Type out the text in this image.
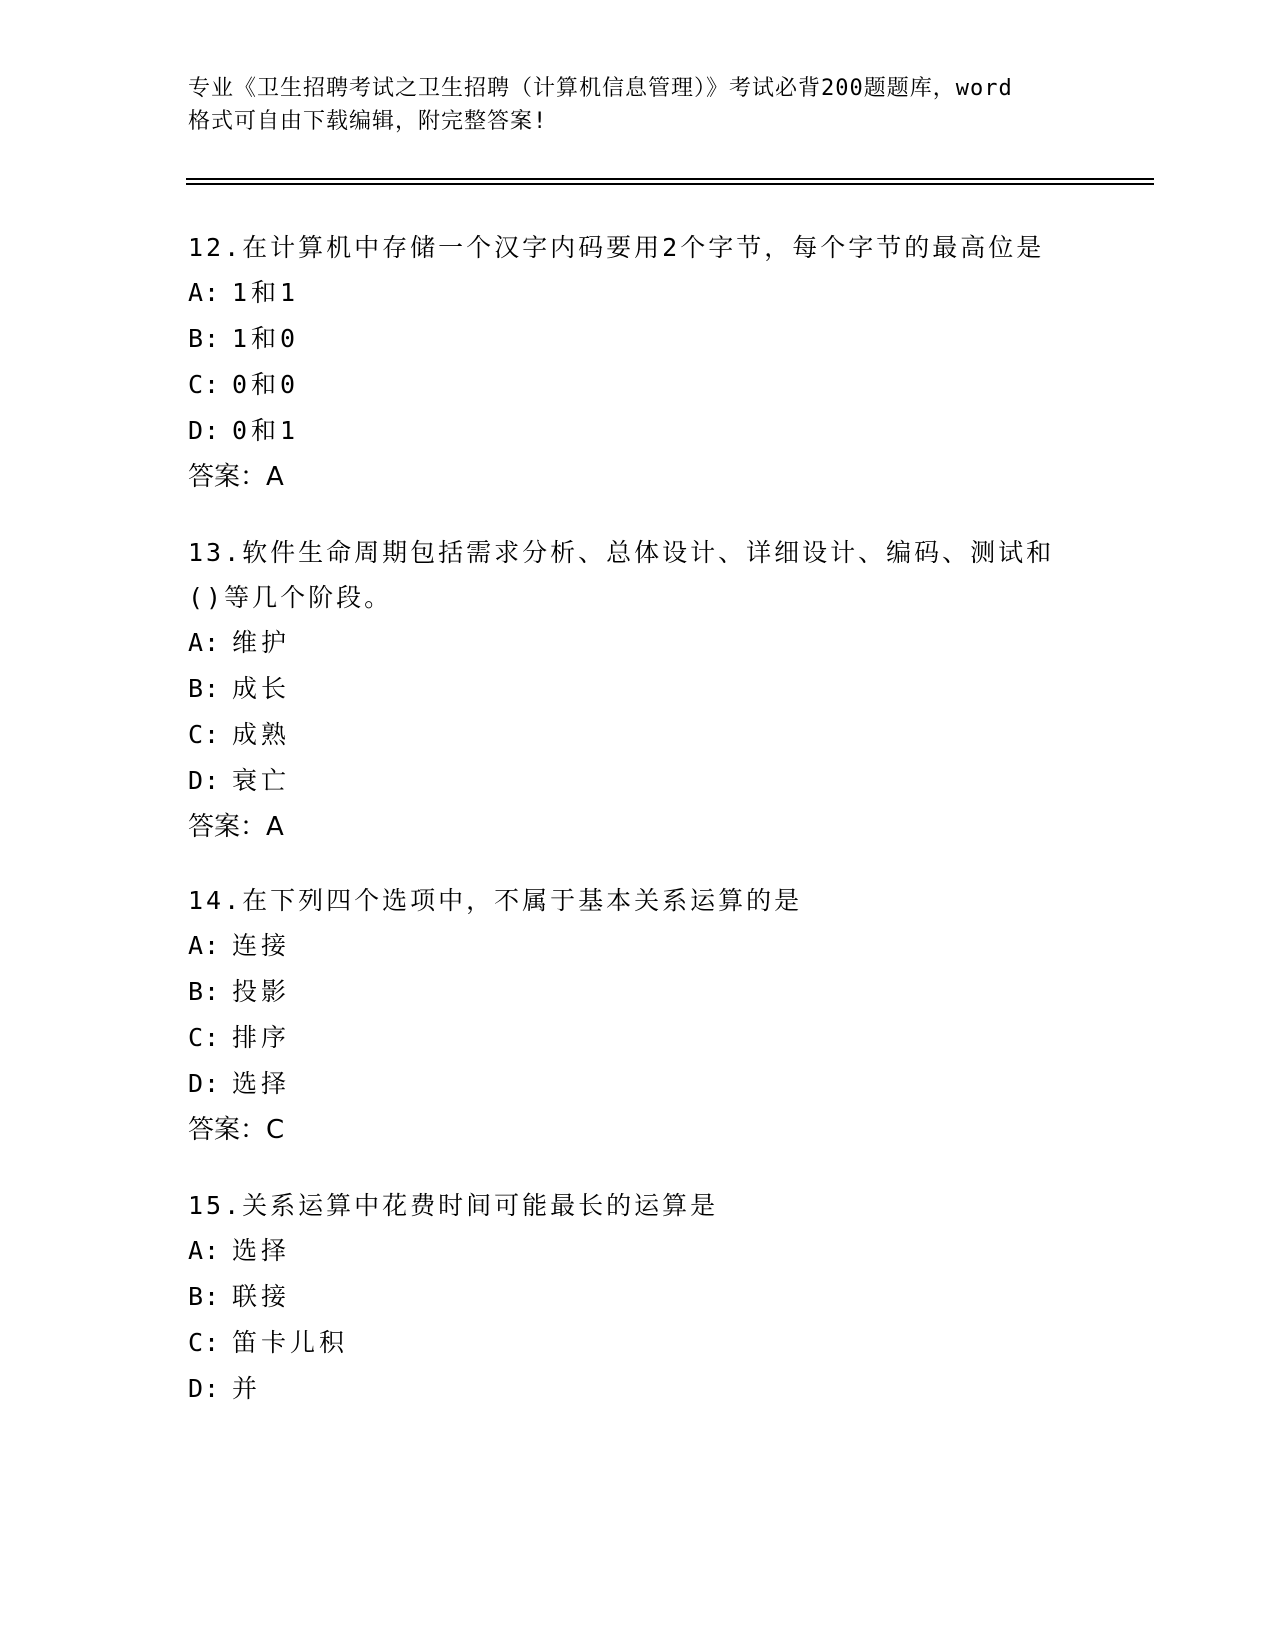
专业《卫生招聘考试之卫生招聘（计算机信息管理）》考试必背200题题库，word
格式可自由下载编辑，附完整答案!
12.在计算机中存储一个汉字内码要用2个字节，每个字节的最高位是
A: 1和1
B: 1和0
C: 0和0
D: 0和1
答案：A
13.软件生命周期包括需求分析、总体设计、详细设计、编码、测试和
()等几个阶段。
A: 维护
B: 成长
C: 成熟
D: 衰亡
答案：A
14.在下列四个选项中，不属于基本关系运算的是
A: 连接
B: 投影
C: 排序
D: 选择
答案：C
15.关系运算中花费时间可能最长的运算是
A: 选择
B: 联接
C: 笛卡儿积
D: 并
